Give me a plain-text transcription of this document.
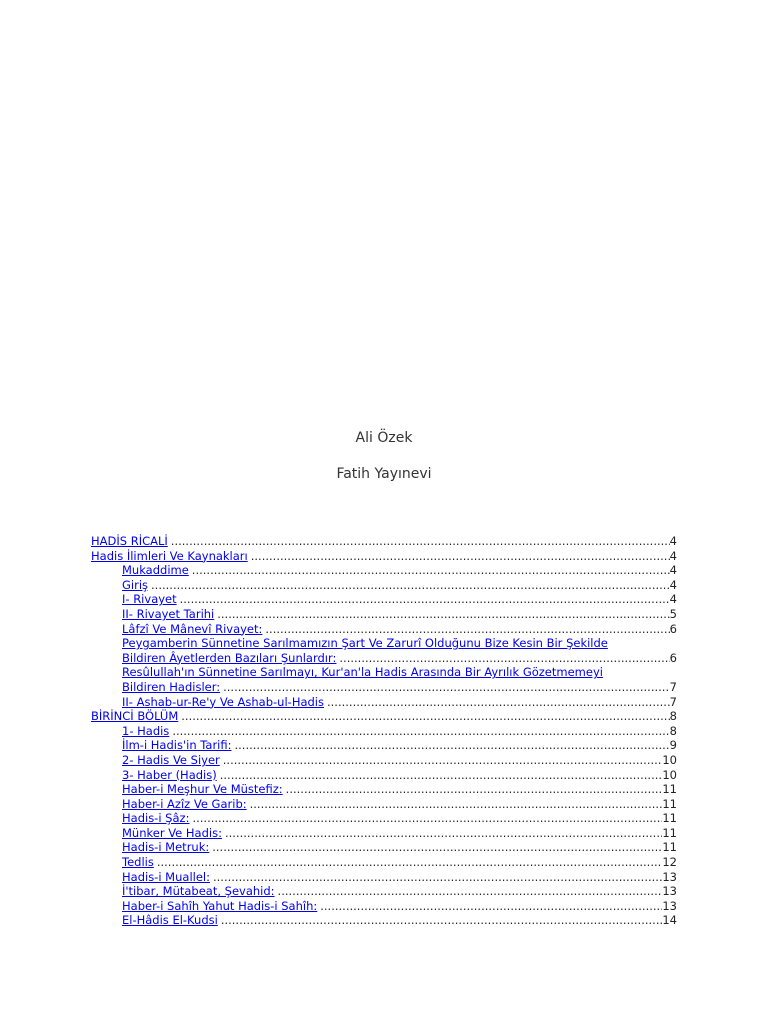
Ali Özek
Fatih Yayınevi
HADİS RİCALİ .....	4
Hadis İlimleri Ve Kaynakları .....	4
Mukaddime .....	4
Giriş .....	4
I- Rivayet .....	4
II- Rivayet Tarihi .....	5
Lâfzî Ve Mânevî Rivayet: .....	6
Peygamberin Sünnetine Sarılmamızın Şart Ve Zarurî Olduğunu Bize Kesin Bir Şekilde
Bildiren Âyetlerden Bazıları Şunlardır: .....	6
Resûlullah'ın Sünnetine Sarılmayı, Kur'an'la Hadis Arasında Bir Ayrılık Gözetmemeyi
Bildiren Hadisler: .....	7
II- Ashab-ur-Re'y Ve Ashab-ul-Hadis .....	7
BİRİNCİ BÖLÜM .....	8
1- Hadis .....	8
İlm-i Hadis'in Tarifi: .....	9
2- Hadis Ve Siyer .....	10
3- Haber (Hadis) .....	10
Haber-i Meşhur Ve Müstefiz: .....	11
Haber-i Azîz Ve Garib: .....	11
Hadis-i Şâz: .....	11
Münker Ve Hadis: .....	11
Hadis-i Metruk: .....	11
Tedlis .....	12
Hadis-i Muallel: .....	13
İ'tibar, Mütabeat, Şevahid: .....	13
Haber-i Sahîh Yahut Hadis-i Sahîh: .....	13
El-Hâdis El-Kudsi .....	14
